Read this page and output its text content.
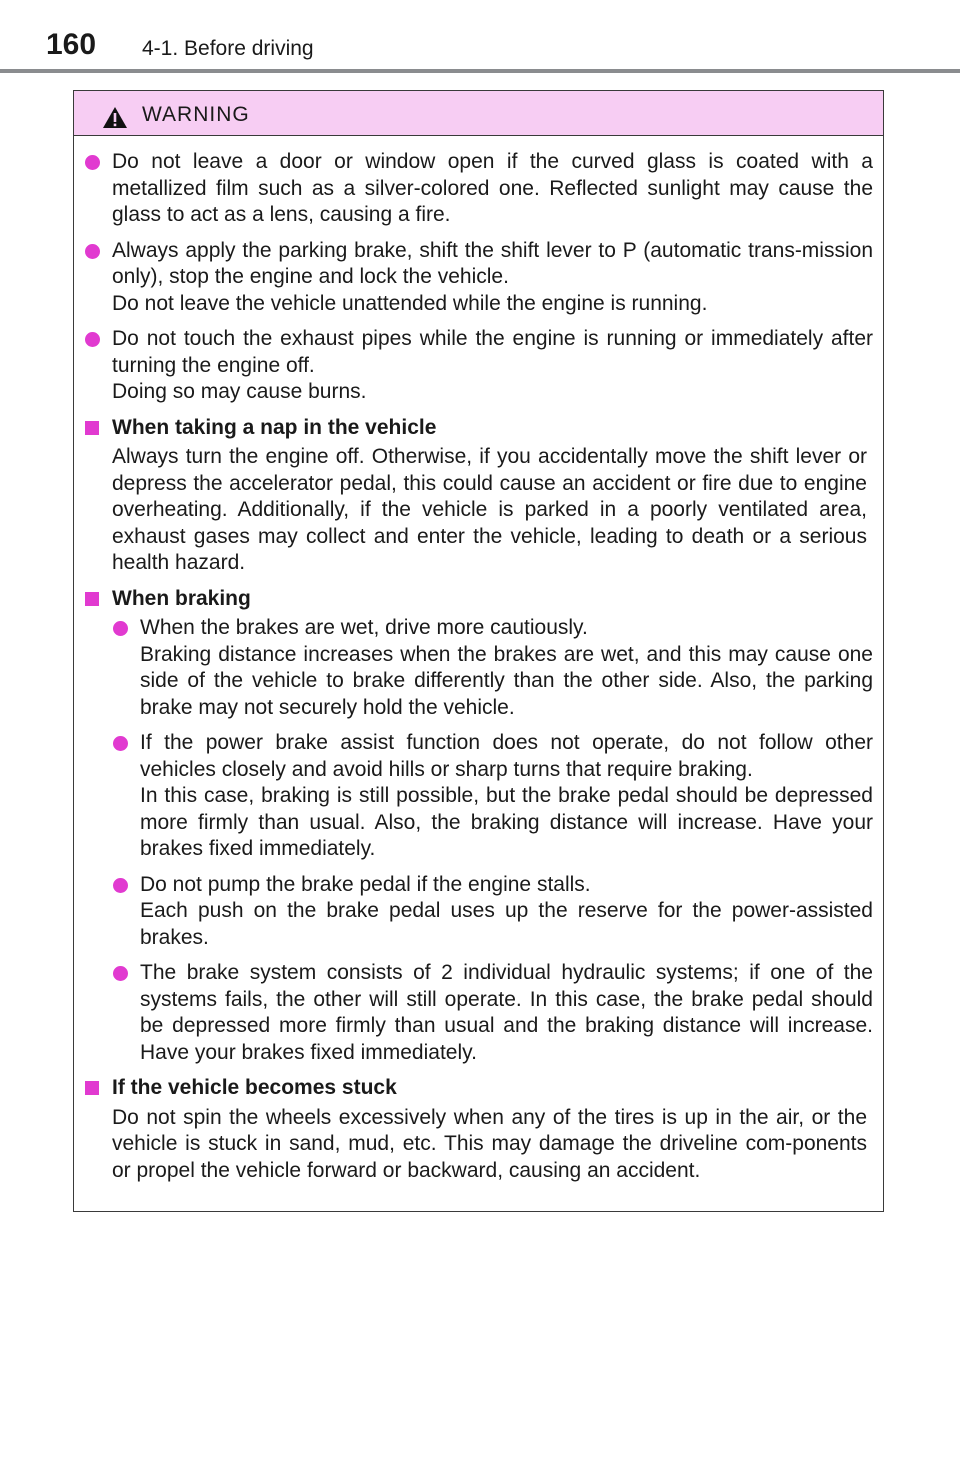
160 4-1. Before driving
WARNING

Do not leave a door or window open if the curved glass is coated with a metallized film such as a silver-colored one. Reflected sunlight may cause the glass to act as a lens, causing a fire.

Always apply the parking brake, shift the shift lever to P (automatic trans-mission only), stop the engine and lock the vehicle.

Do not leave the vehicle unattended while the engine is running.

Do not touch the exhaust pipes while the engine is running or immediately after turning the engine off.

Doing so may cause burns.

When taking a nap in the vehicle

Always turn the engine off. Otherwise, if you accidentally move the shift lever or depress the accelerator pedal, this could cause an accident or fire due to engine overheating. Additionally, if the vehicle is parked in a poorly ventilated area, exhaust gases may collect and enter the vehicle, leading to death or a serious health hazard.

When braking

When the brakes are wet, drive more cautiously.

Braking distance increases when the brakes are wet, and this may cause one side of the vehicle to brake differently than the other side. Also, the parking brake may not securely hold the vehicle.

If the power brake assist function does not operate, do not follow other vehicles closely and avoid hills or sharp turns that require braking.

In this case, braking is still possible, but the brake pedal should be depressed more firmly than usual. Also, the braking distance will increase. Have your brakes fixed immediately.

Do not pump the brake pedal if the engine stalls.

Each push on the brake pedal uses up the reserve for the power-assisted brakes.

The brake system consists of 2 individual hydraulic systems; if one of the systems fails, the other will still operate. In this case, the brake pedal should be depressed more firmly than usual and the braking distance will increase. Have your brakes fixed immediately.

If the vehicle becomes stuck

Do not spin the wheels excessively when any of the tires is up in the air, or the vehicle is stuck in sand, mud, etc. This may damage the driveline com-ponents or propel the vehicle forward or backward, causing an accident.
